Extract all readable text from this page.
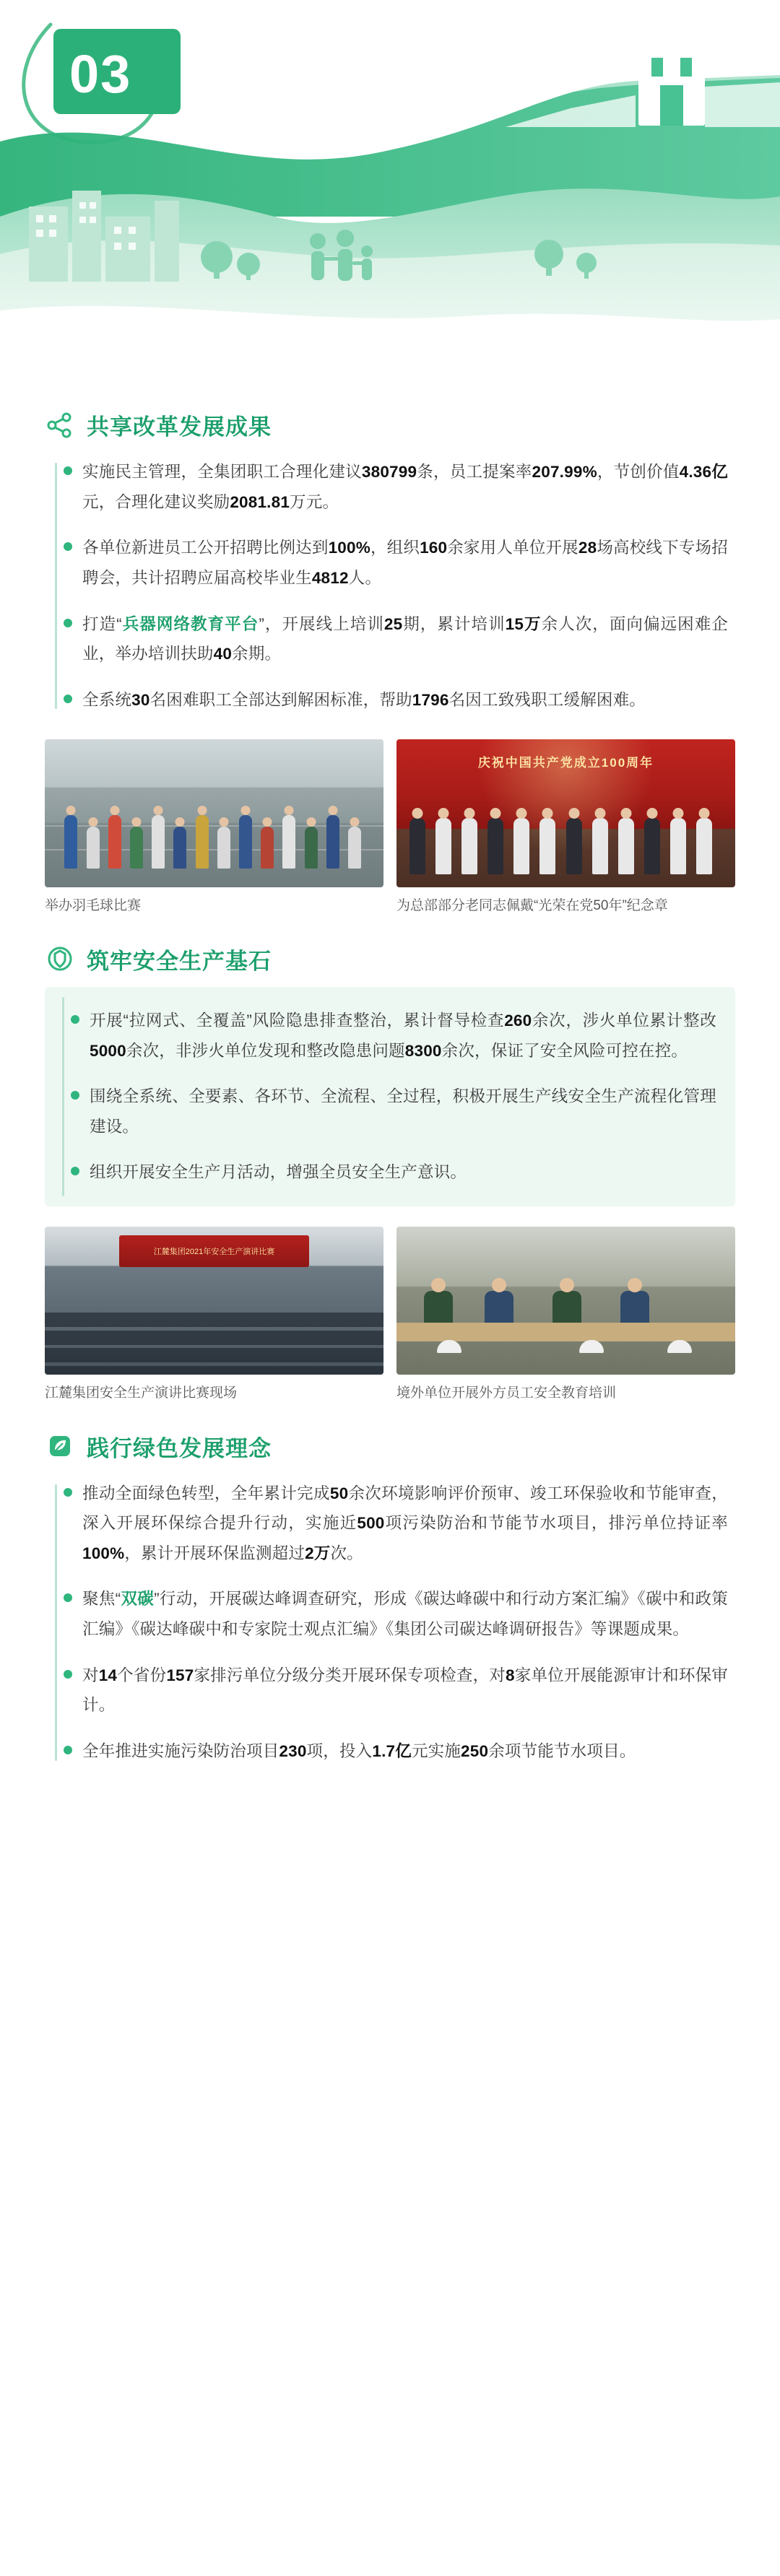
03	共创美好生活
用情温暖社会
共享改革发展成果
实施民主管理，全集团职工合理化建议380799条，员工提案率207.99%，节创价值4.36亿元，合理化建议奖励2081.81万元。
各单位新进员工公开招聘比例达到100%，组织160余家用人单位开展28场高校线下专场招聘会，共计招聘应届高校毕业生4812人。
打造“兵器网络教育平台”，开展线上培训25期，累计培训15万余人次，面向偏远困难企业，举办培训扶助40余期。
全系统30名困难职工全部达到解困标准，帮助1796名因工致残职工缓解困难。
举办羽毛球比赛
庆祝中国共产党成立100周年
为总部部分老同志佩戴“光荣在党50年”纪念章
筑牢安全生产基石
开展“拉网式、全覆盖”风险隐患排查整治，累计督导检查260余次，涉火单位累计整改5000余次，非涉火单位发现和整改隐患问题8300余次，保证了安全风险可控在控。
围绕全系统、全要素、各环节、全流程、全过程，积极开展生产线安全生产流程化管理建设。
组织开展安全生产月活动，增强全员安全生产意识。
江麓集团2021年安全生产演讲比赛
江麓集团安全生产演讲比赛现场	境外单位开展外方员工安全教育培训
践行绿色发展理念
推动全面绿色转型，全年累计完成50余次环境影响评价预审、竣工环保验收和节能审查，深入开展环保综合提升行动，实施近500项污染防治和节能节水项目，排污单位持证率100%，累计开展环保监测超过2万次。
聚焦“双碳”行动，开展碳达峰调查研究，形成《碳达峰碳中和行动方案汇编》《碳中和政策汇编》《碳达峰碳中和专家院士观点汇编》《集团公司碳达峰调研报告》等课题成果。
对14个省份157家排污单位分级分类开展环保专项检查，对8家单位开展能源审计和环保审计。
全年推进实施污染防治项目230项，投入1.7亿元实施250余项节能节水项目。
